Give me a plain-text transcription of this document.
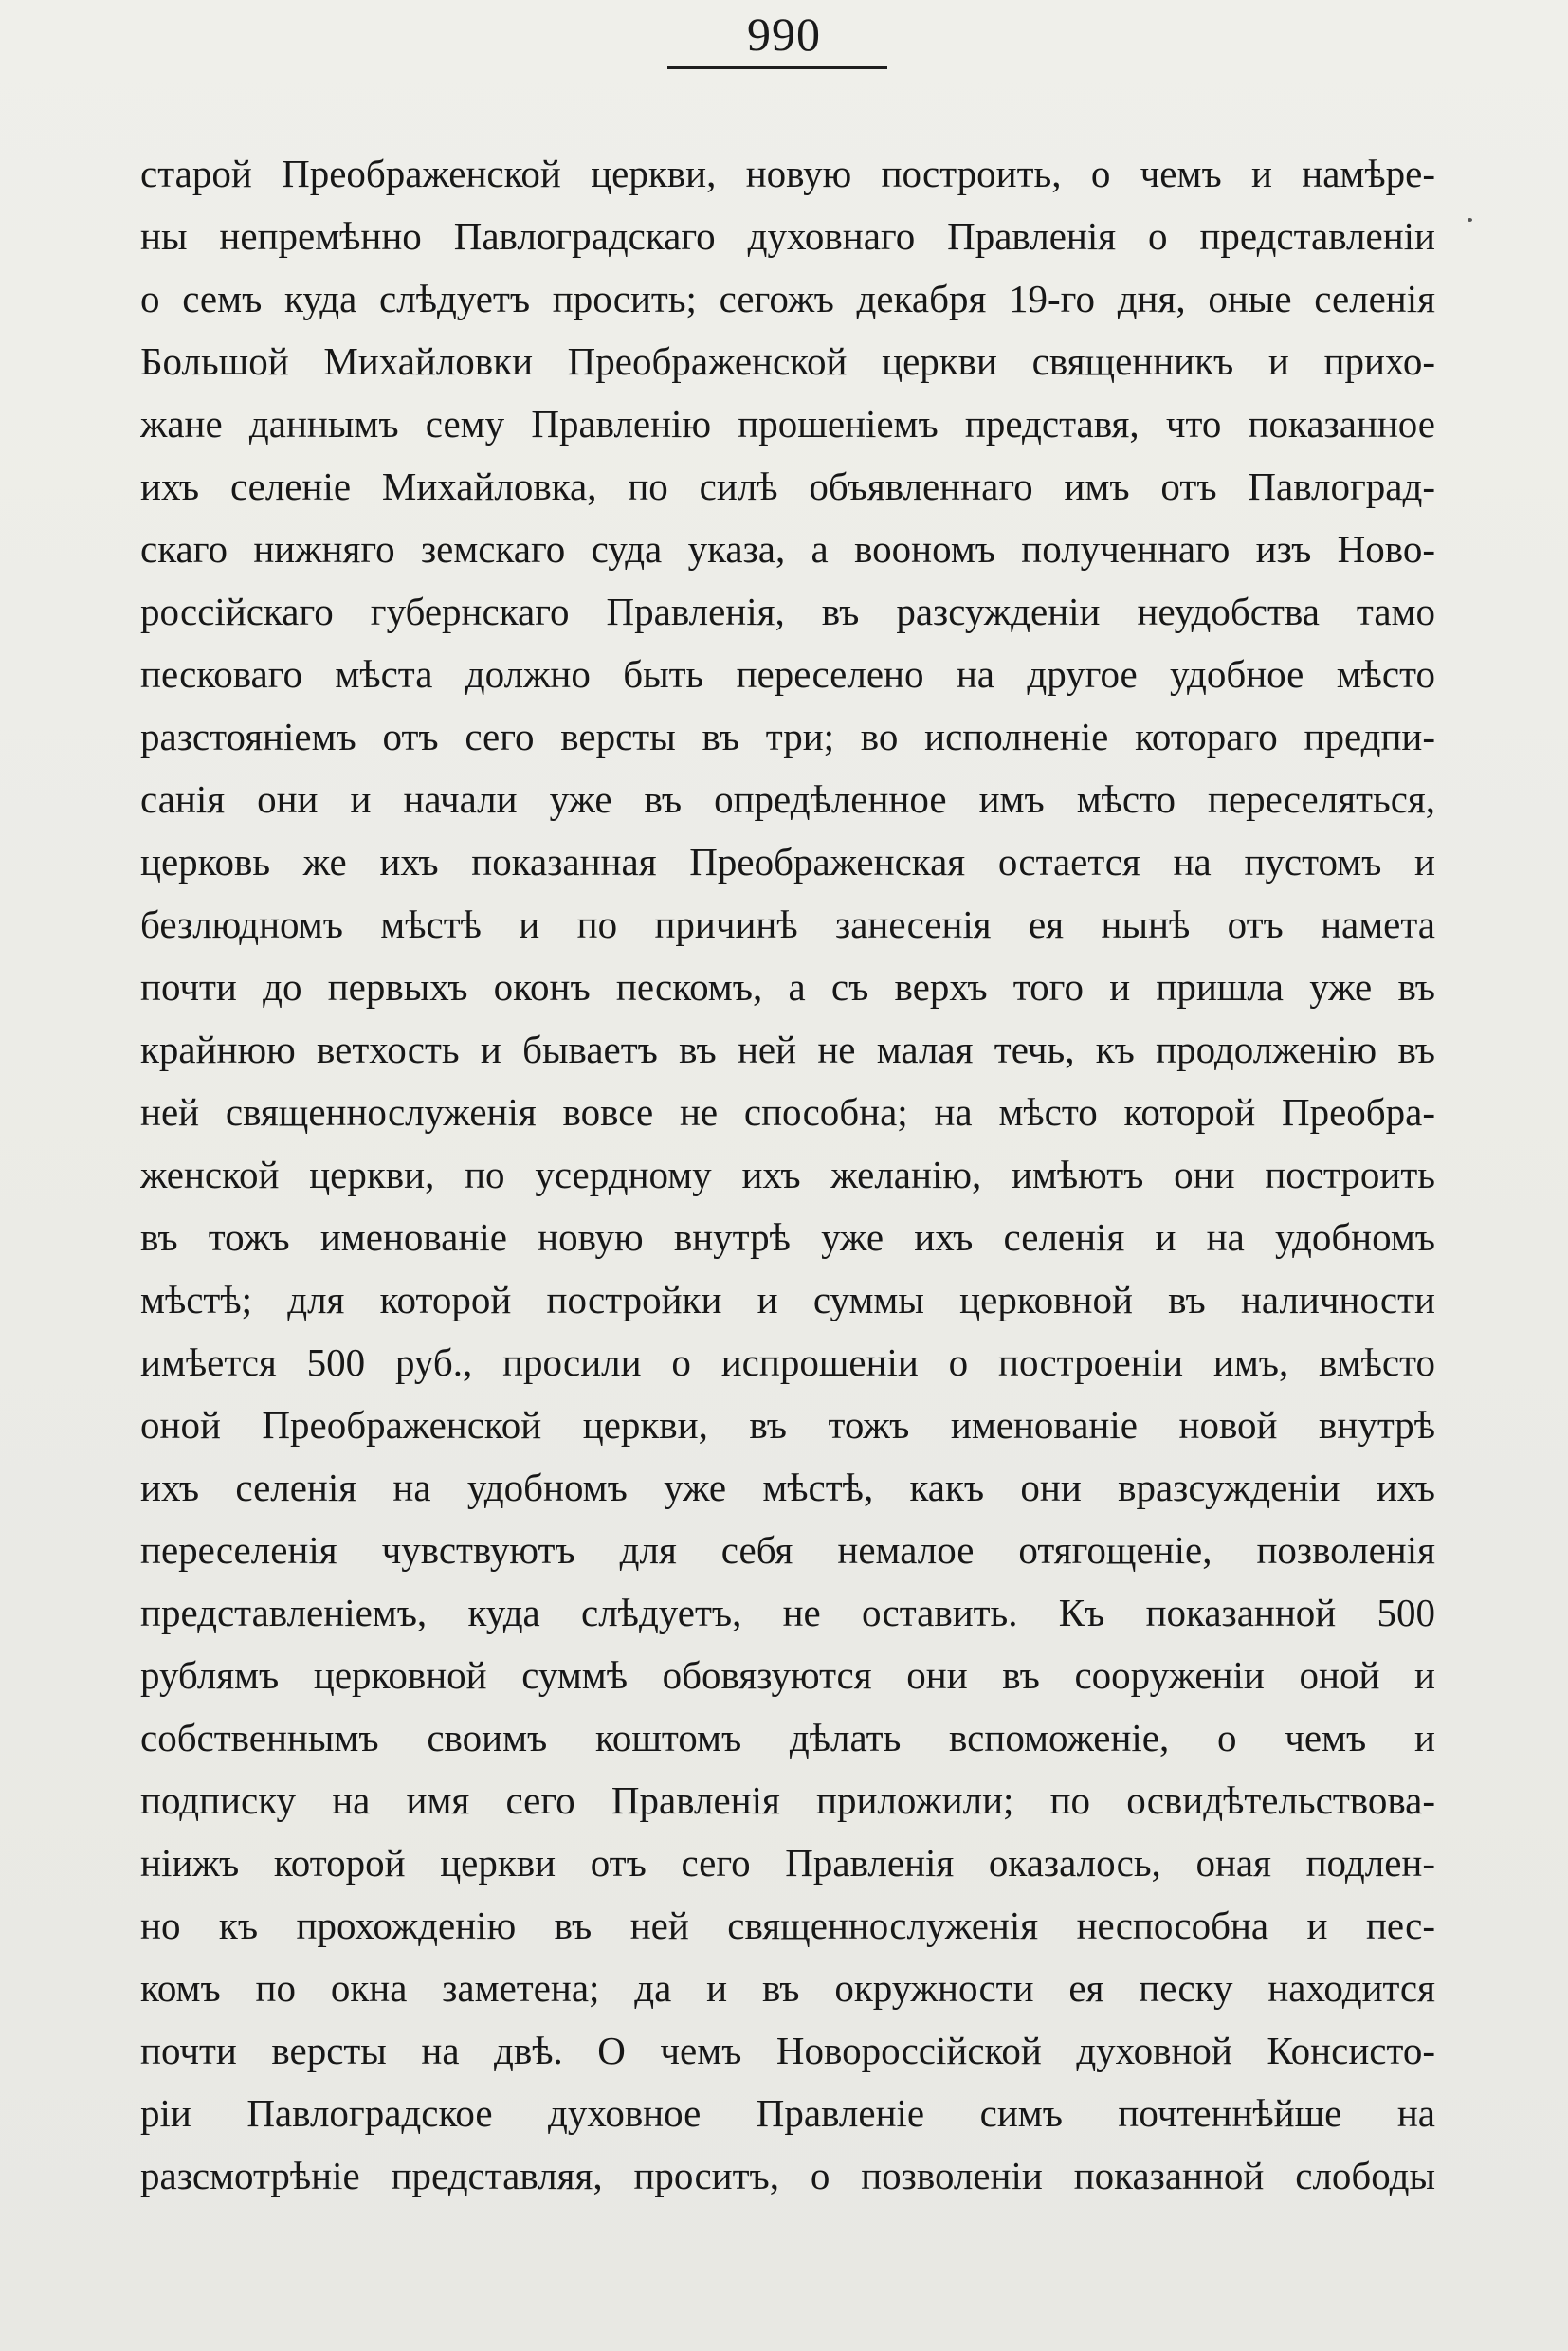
990
старой Преображенской церкви, новую построить, о чемъ и намѣре-
ны непремѣнно Павлоградскаго духовнаго Правленія о представленіи
о семъ куда слѣдуетъ просить; сегожъ декабря 19-го дня, оные селенія
Большой Михайловки Преображенской церкви священникъ и прихо-
жане даннымъ сему Правленію прошеніемъ представя, что показанное
ихъ селеніе Михайловка, по силѣ объявленнаго имъ отъ Павлоград-
скаго нижняго земскаго суда указа, а воономъ полученнаго изъ Ново-
россійскаго губернскаго Правленія, въ разсужденіи неудобства тамо
песковаго мѣста должно быть переселено на другое удобное мѣсто
разстояніемъ отъ сего версты въ три; во исполненіе котораго предпи-
санія они и начали уже въ опредѣленное имъ мѣсто переселяться,
церковь же ихъ показанная Преображенская остается на пустомъ и
безлюдномъ мѣстѣ и по причинѣ занесенія ея нынѣ отъ намета
почти до первыхъ оконъ пескомъ, а съ верхъ того и пришла уже въ
крайнюю ветхость и бываетъ въ ней не малая течь, къ продолженію въ
ней священнослуженія вовсе не способна; на мѣсто которой Преобра-
женской церкви, по усердному ихъ желанію, имѣютъ они построить
въ тожъ именованіе новую внутрѣ уже ихъ селенія и на удобномъ
мѣстѣ; для которой постройки и суммы церковной въ наличности
имѣется 500 руб., просили о испрошеніи о построеніи имъ, вмѣсто
оной Преображенской церкви, въ тожъ именованіе новой внутрѣ
ихъ селенія на удобномъ уже мѣстѣ, какъ они вразсужденіи ихъ
переселенія чувствуютъ для себя немалое отягощеніе, позволенія
представленіемъ, куда слѣдуетъ, не оставить. Къ показанной 500
рублямъ церковной суммѣ обовязуются они въ сооруженіи оной и
собственнымъ своимъ коштомъ дѣлать вспоможеніе, о чемъ и
подписку на имя сего Правленія приложили; по освидѣтельствова-
ніижъ которой церкви отъ сего Правленія оказалось, оная подлен-
но къ прохожденію въ ней священнослуженія неспособна и пес-
комъ по окна заметена; да и въ окружности ея песку находится
почти версты на двѣ. О чемъ Новороссійской духовной Консисто-
ріи Павлоградское духовное Правленіе симъ почтеннѣйше на
разсмотрѣніе представляя, проситъ, о позволеніи показанной слободы
